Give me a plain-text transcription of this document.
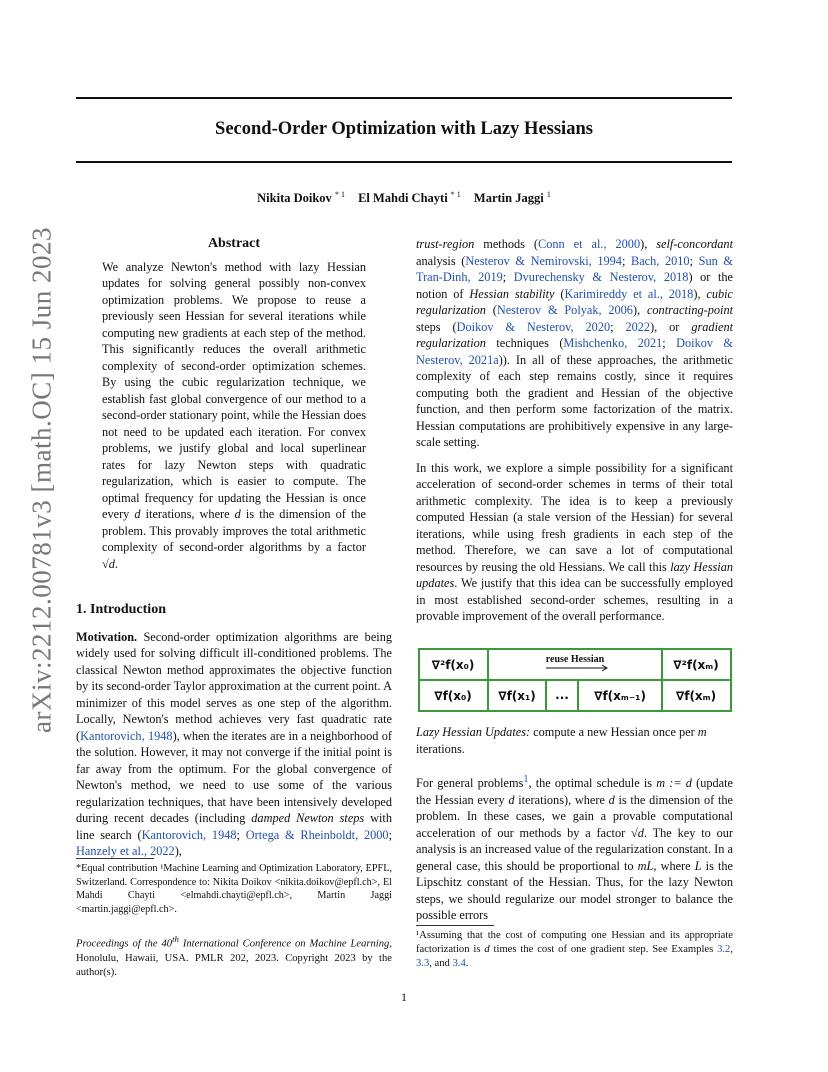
Second-Order Optimization with Lazy Hessians
Nikita Doikov $^{* 1}$ El Mahdi Chayti $^{* 1}$ Martin Jaggi $^1$
arXiv:2212.00781v3 [math.OC] 15 Jun 2023	Abstract

We analyze Newton's method with lazy Hessian updates for solving general possibly non-convex optimization problems. We propose to reuse a previously seen Hessian for several iterations while computing new gradients at each step of the method. This significantly reduces the overall arithmetic complexity of second-order optimization schemes. By using the cubic regularization technique, we establish fast global convergence of our method to a second-order stationary point, while the Hessian does not need to be updated each iteration. For convex problems, we justify global and local superlinear rates for lazy Newton steps with quadratic regularization, which is easier to compute. The optimal frequency for updating the Hessian is once every d iterations, where d is the dimension of the problem. This provably improves the total arithmetic complexity of second-order algorithms by a factor √d.

1. Introduction

Motivation. Second-order optimization algorithms are being widely used for solving difficult ill-conditioned problems. The classical Newton method approximates the objective function by its second-order Taylor approximation at the current point. A minimizer of this model serves as one step of the algorithm. Locally, Newton's method achieves very fast quadratic rate (Kantorovich, 1948), when the iterates are in a neighborhood of the solution. However, it may not converge if the initial point is far away from the optimum. For the global convergence of Newton's method, we need to use some of the various regularization techniques, that have been intensively developed during recent decades (including damped Newton steps with line search (Kantorovich, 1948; Ortega & Rheinboldt, 2000; Hanzely et al., 2022),

*Equal contribution ¹Machine Learning and Optimization Laboratory, EPFL, Switzerland. Correspondence to: Nikita Doikov <nikita.doikov@epfl.ch>, El Mahdi Chayti <elmahdi.chayti@epfl.ch>, Martin Jaggi <martin.jaggi@epfl.ch>.
Proceedings of the 40th International Conference on Machine Learning, Honolulu, Hawaii, USA. PMLR 202, 2023. Copyright 2023 by the author(s).

trust-region methods (Conn et al., 2000), self-concordant analysis (Nesterov & Nemirovski, 1994; Bach, 2010; Sun & Tran-Dinh, 2019; Dvurechensky & Nesterov, 2018) or the notion of Hessian stability (Karimireddy et al., 2018), cubic regularization (Nesterov & Polyak, 2006), contracting-point steps (Doikov & Nesterov, 2020; 2022), or gradient regularization techniques (Mishchenko, 2021; Doikov & Nesterov, 2021a)). In all of these approaches, the arithmetic complexity of each step remains costly, since it requires computing both the gradient and Hessian of the objective function, and then perform some factorization of the matrix. Hessian computations are prohibitively expensive in any large-scale setting.

In this work, we explore a simple possibility for a significant acceleration of second-order schemes in terms of their total arithmetic complexity. The idea is to keep a previously computed Hessian (a stale version of the Hessian) for several iterations, while using fresh gradients in each step of the method. Therefore, we can save a lot of computational resources by reusing the old Hessians. We call this lazy Hessian updates. We justify that this idea can be successfully employed in most established second-order schemes, resulting in a provable improvement of the overall performance.

∇²f(x₀)	reuse Hessian	∇²f(xₘ)
∇f(x₀) ∇f(x₁) ... ∇f(xₘ₋₁) ∇f(xₘ)
Lazy Hessian Updates: compute a new Hessian once per m iterations.
For general problems$^1$, the optimal schedule is m := d (update the Hessian every d iterations), where d is the dimension of the problem. In these cases, we gain a provable computational acceleration of our methods by a factor √d. The key to our analysis is an increased value of the regularization constant. In a general case, this should be proportional to mL, where L is the Lipschitz constant of the Hessian. Thus, for the lazy Newton steps, we should regularize our model stronger to balance the possible errors
¹Assuming that the cost of computing one Hessian and its appropriate factorization is d times the cost of one gradient step. See Examples 3.2, 3.3, and 3.4.
1
